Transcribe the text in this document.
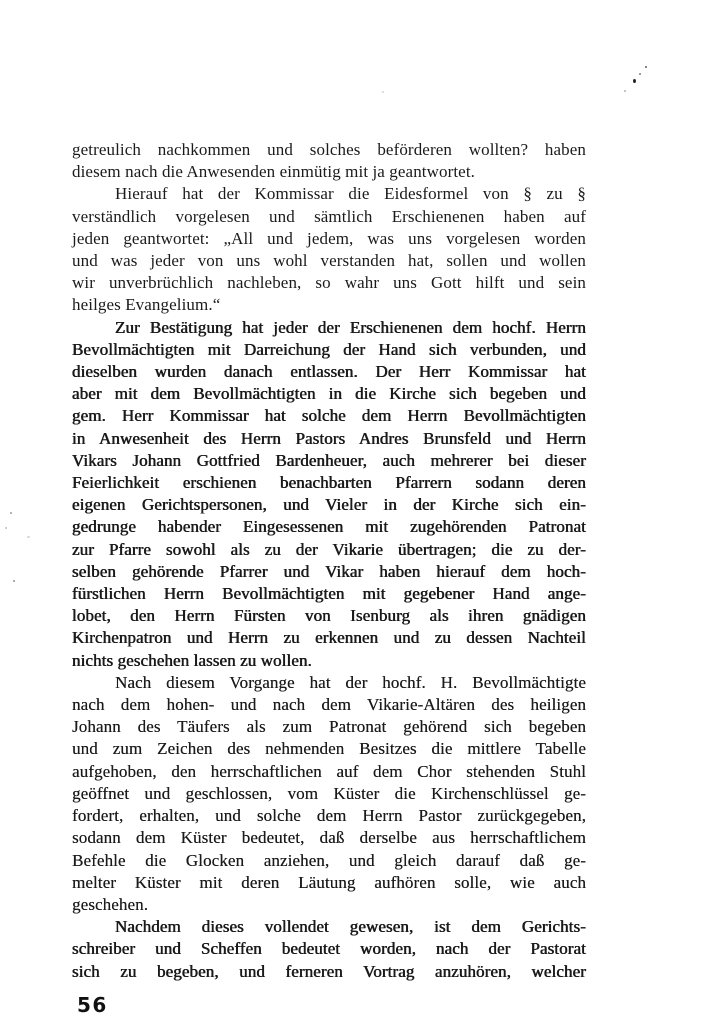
getreulich nachkommen und solches beförderen wollten? haben
diesem nach die Anwesenden einmütig mit ja geantwortet.
Hierauf hat der Kommissar die Eidesformel von § zu §
verständlich vorgelesen und sämtlich Erschienenen haben auf
jeden geantwortet: „All und jedem, was uns vorgelesen worden
und was jeder von uns wohl verstanden hat, sollen und wollen
wir unverbrüchlich nachleben, so wahr uns Gott hilft und sein
heilges Evangelium.“
Zur Bestätigung hat jeder der Erschienenen dem hochf. Herrn
Bevollmächtigten mit Darreichung der Hand sich verbunden, und
dieselben wurden danach entlassen. Der Herr Kommissar hat
aber mit dem Bevollmächtigten in die Kirche sich begeben und
gem. Herr Kommissar hat solche dem Herrn Bevollmächtigten
in Anwesenheit des Herrn Pastors Andres Brunsfeld und Herrn
Vikars Johann Gottfried Bardenheuer, auch mehrerer bei dieser
Feierlichkeit erschienen benachbarten Pfarrern sodann deren
eigenen Gerichtspersonen, und Vieler in der Kirche sich ein-
gedrunge habender Eingesessenen mit zugehörenden Patronat
zur Pfarre sowohl als zu der Vikarie übertragen; die zu der-
selben gehörende Pfarrer und Vikar haben hierauf dem hoch-
fürstlichen Herrn Bevollmächtigten mit gegebener Hand ange-
lobet, den Herrn Fürsten von Isenburg als ihren gnädigen
Kirchenpatron und Herrn zu erkennen und zu dessen Nachteil
nichts geschehen lassen zu wollen.
Nach diesem Vorgange hat der hochf. H. Bevollmächtigte
nach dem hohen- und nach dem Vikarie-Altären des heiligen
Johann des Täufers als zum Patronat gehörend sich begeben
und zum Zeichen des nehmenden Besitzes die mittlere Tabelle
aufgehoben, den herrschaftlichen auf dem Chor stehenden Stuhl
geöffnet und geschlossen, vom Küster die Kirchenschlüssel ge-
fordert, erhalten, und solche dem Herrn Pastor zurückgegeben,
sodann dem Küster bedeutet, daß derselbe aus herrschaftlichem
Befehle die Glocken anziehen, und gleich darauf daß ge-
melter Küster mit deren Läutung aufhören solle, wie auch
geschehen.
Nachdem dieses vollendet gewesen, ist dem Gerichts-
schreiber und Scheffen bedeutet worden, nach der Pastorat
sich zu begeben, und ferneren Vortrag anzuhören, welcher
56
